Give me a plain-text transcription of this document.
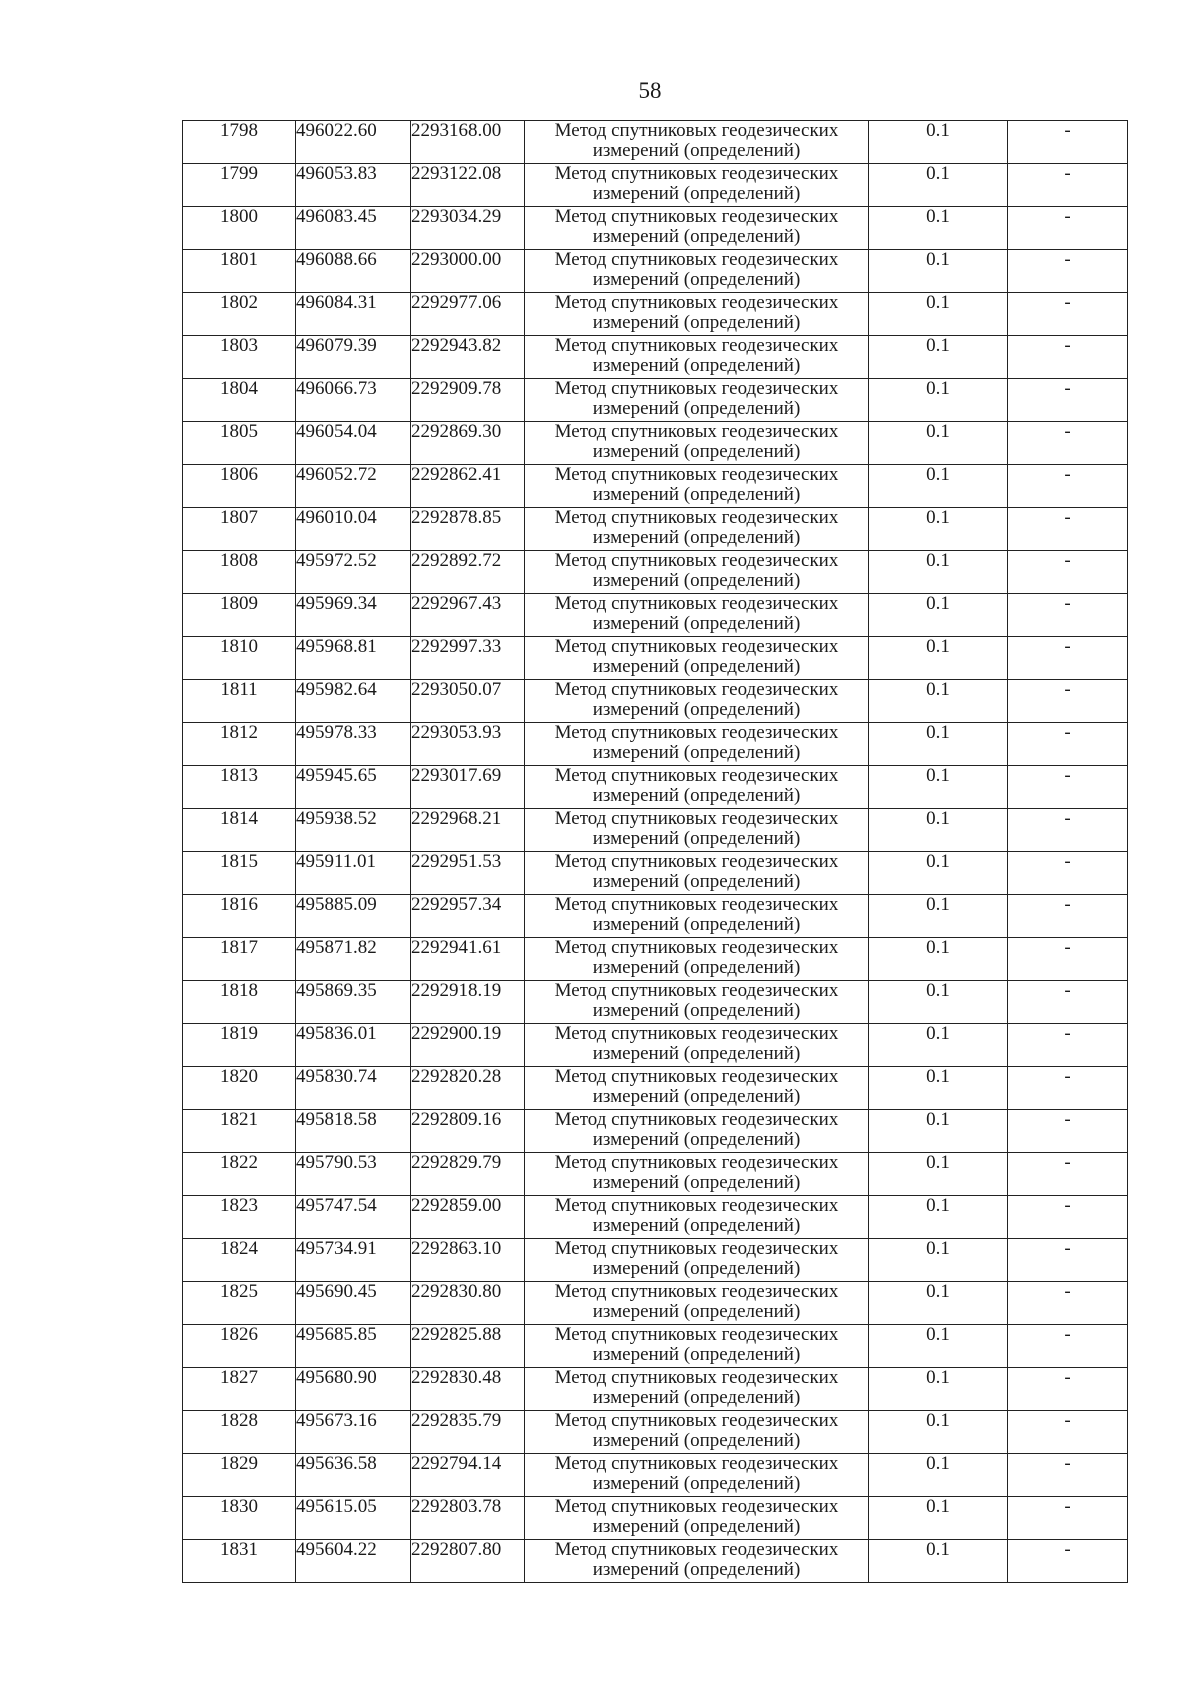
58
1798	496022.60	2293168.00	Метод спутниковых геодезических измерений (определений)	0.1	-
1799	496053.83	2293122.08	Метод спутниковых геодезических измерений (определений)	0.1	-
1800	496083.45	2293034.29	Метод спутниковых геодезических измерений (определений)	0.1	-
1801	496088.66	2293000.00	Метод спутниковых геодезических измерений (определений)	0.1	-
1802	496084.31	2292977.06	Метод спутниковых геодезических измерений (определений)	0.1	-
1803	496079.39	2292943.82	Метод спутниковых геодезических измерений (определений)	0.1	-
1804	496066.73	2292909.78	Метод спутниковых геодезических измерений (определений)	0.1	-
1805	496054.04	2292869.30	Метод спутниковых геодезических измерений (определений)	0.1	-
1806	496052.72	2292862.41	Метод спутниковых геодезических измерений (определений)	0.1	-
1807	496010.04	2292878.85	Метод спутниковых геодезических измерений (определений)	0.1	-
1808	495972.52	2292892.72	Метод спутниковых геодезических измерений (определений)	0.1	-
1809	495969.34	2292967.43	Метод спутниковых геодезических измерений (определений)	0.1	-
1810	495968.81	2292997.33	Метод спутниковых геодезических измерений (определений)	0.1	-
1811	495982.64	2293050.07	Метод спутниковых геодезических измерений (определений)	0.1	-
1812	495978.33	2293053.93	Метод спутниковых геодезических измерений (определений)	0.1	-
1813	495945.65	2293017.69	Метод спутниковых геодезических измерений (определений)	0.1	-
1814	495938.52	2292968.21	Метод спутниковых геодезических измерений (определений)	0.1	-
1815	495911.01	2292951.53	Метод спутниковых геодезических измерений (определений)	0.1	-
1816	495885.09	2292957.34	Метод спутниковых геодезических измерений (определений)	0.1	-
1817	495871.82	2292941.61	Метод спутниковых геодезических измерений (определений)	0.1	-
1818	495869.35	2292918.19	Метод спутниковых геодезических измерений (определений)	0.1	-
1819	495836.01	2292900.19	Метод спутниковых геодезических измерений (определений)	0.1	-
1820	495830.74	2292820.28	Метод спутниковых геодезических измерений (определений)	0.1	-
1821	495818.58	2292809.16	Метод спутниковых геодезических измерений (определений)	0.1	-
1822	495790.53	2292829.79	Метод спутниковых геодезических измерений (определений)	0.1	-
1823	495747.54	2292859.00	Метод спутниковых геодезических измерений (определений)	0.1	-
1824	495734.91	2292863.10	Метод спутниковых геодезических измерений (определений)	0.1	-
1825	495690.45	2292830.80	Метод спутниковых геодезических измерений (определений)	0.1	-
1826	495685.85	2292825.88	Метод спутниковых геодезических измерений (определений)	0.1	-
1827	495680.90	2292830.48	Метод спутниковых геодезических измерений (определений)	0.1	-
1828	495673.16	2292835.79	Метод спутниковых геодезических измерений (определений)	0.1	-
1829	495636.58	2292794.14	Метод спутниковых геодезических измерений (определений)	0.1	-
1830	495615.05	2292803.78	Метод спутниковых геодезических измерений (определений)	0.1	-
1831	495604.22	2292807.80	Метод спутниковых геодезических измерений (определений)	0.1	-
